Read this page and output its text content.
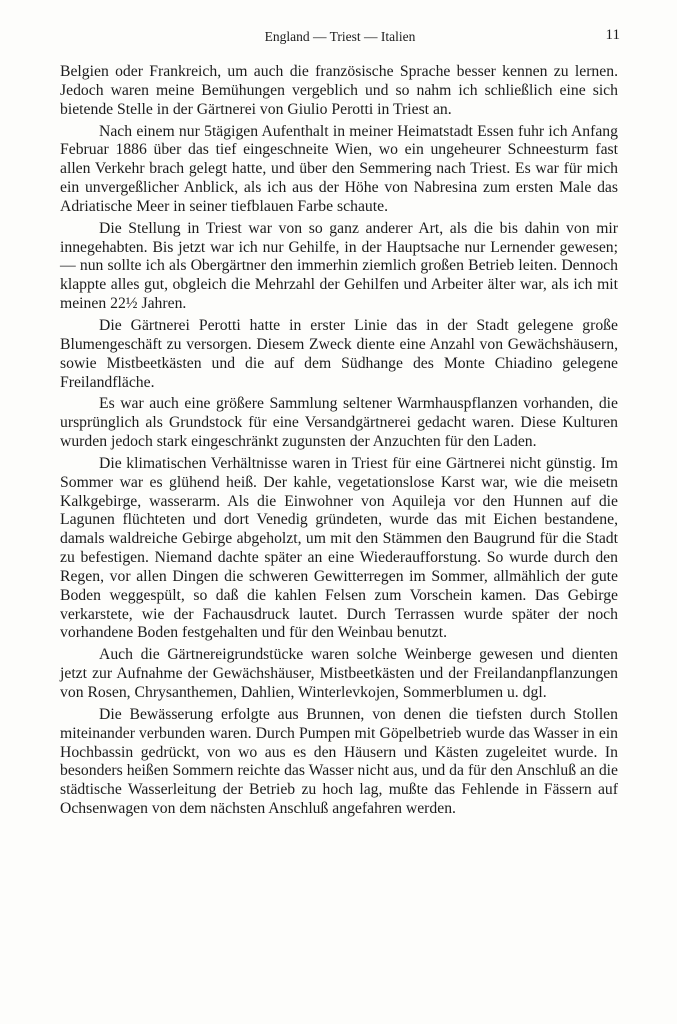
England — Triest — Italien	11

Belgien oder Frankreich, um auch die französische Sprache besser kennen zu lernen. Jedoch waren meine Bemühungen vergeblich und so nahm ich schließlich eine sich bietende Stelle in der Gärtnerei von Giulio Perotti in Triest an.

Nach einem nur 5tägigen Aufenthalt in meiner Heimatstadt Essen fuhr ich Anfang Februar 1886 über das tief eingeschneite Wien, wo ein ungeheurer Schneesturm fast allen Verkehr brach gelegt hatte, und über den Semmering nach Triest. Es war für mich ein unvergeßlicher Anblick, als ich aus der Höhe von Nabresina zum ersten Male das Adriatische Meer in seiner tiefblauen Farbe schaute.

Die Stellung in Triest war von so ganz anderer Art, als die bis dahin von mir innegehabten. Bis jetzt war ich nur Gehilfe, in der Hauptsache nur Lernender gewesen; — nun sollte ich als Obergärtner den immerhin ziemlich großen Betrieb leiten. Dennoch klappte alles gut, obgleich die Mehrzahl der Gehilfen und Arbeiter älter war, als ich mit meinen 22½ Jahren.

Die Gärtnerei Perotti hatte in erster Linie das in der Stadt gelegene große Blumengeschäft zu versorgen. Diesem Zweck diente eine Anzahl von Gewächshäusern, sowie Mistbeetkästen und die auf dem Südhange des Monte Chiadino gelegene Freilandfläche.

Es war auch eine größere Sammlung seltener Warmhauspflanzen vorhanden, die ursprünglich als Grundstock für eine Versandgärtnerei gedacht waren. Diese Kulturen wurden jedoch stark eingeschränkt zugunsten der Anzuchten für den Laden.

Die klimatischen Verhältnisse waren in Triest für eine Gärtnerei nicht günstig. Im Sommer war es glühend heiß. Der kahle, vegetationslose Karst war, wie die meisetn Kalkgebirge, wasserarm. Als die Einwohner von Aquileja vor den Hunnen auf die Lagunen flüchteten und dort Venedig gründeten, wurde das mit Eichen bestandene, damals waldreiche Gebirge abgeholzt, um mit den Stämmen den Baugrund für die Stadt zu befestigen. Niemand dachte später an eine Wiederaufforstung. So wurde durch den Regen, vor allen Dingen die schweren Gewitterregen im Sommer, allmählich der gute Boden weggespült, so daß die kahlen Felsen zum Vorschein kamen. Das Gebirge verkarstete, wie der Fachausdruck lautet. Durch Terrassen wurde später der noch vorhandene Boden festgehalten und für den Weinbau benutzt.

Auch die Gärtnereigrundstücke waren solche Weinberge gewesen und dienten jetzt zur Aufnahme der Gewächshäuser, Mistbeetkästen und der Freilandanpflanzungen von Rosen, Chrysanthemen, Dahlien, Winterlevkojen, Sommerblumen u. dgl.

Die Bewässerung erfolgte aus Brunnen, von denen die tiefsten durch Stollen miteinander verbunden waren. Durch Pumpen mit Göpelbetrieb wurde das Wasser in ein Hochbassin gedrückt, von wo aus es den Häusern und Kästen zugeleitet wurde. In besonders heißen Sommern reichte das Wasser nicht aus, und da für den Anschluß an die städtische Wasserleitung der Betrieb zu hoch lag, mußte das Fehlende in Fässern auf Ochsenwagen von dem nächsten Anschluß angefahren werden.
